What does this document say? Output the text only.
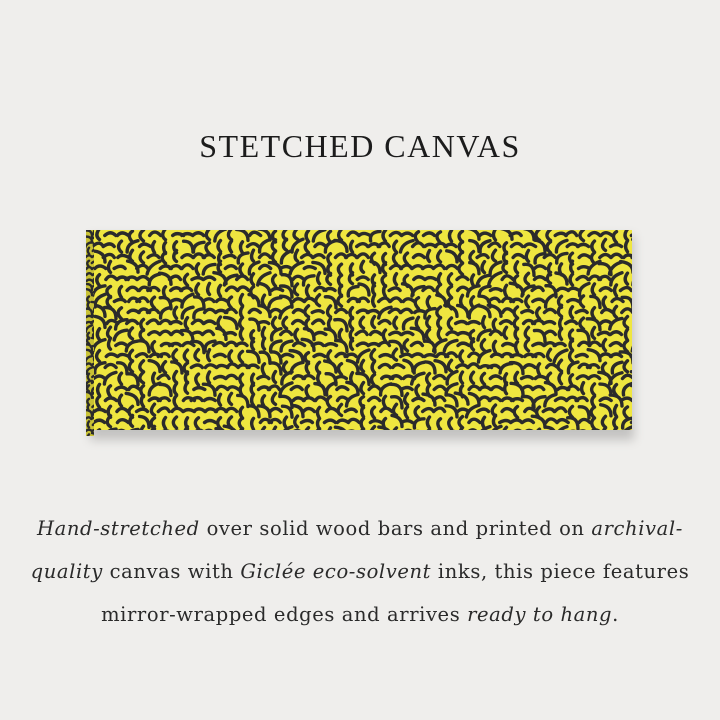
STETCHED CANVAS

Hand-stretched over solid wood bars and printed on archival-quality canvas with Giclée eco-solvent inks, this piece features mirror-wrapped edges and arrives ready to hang.
